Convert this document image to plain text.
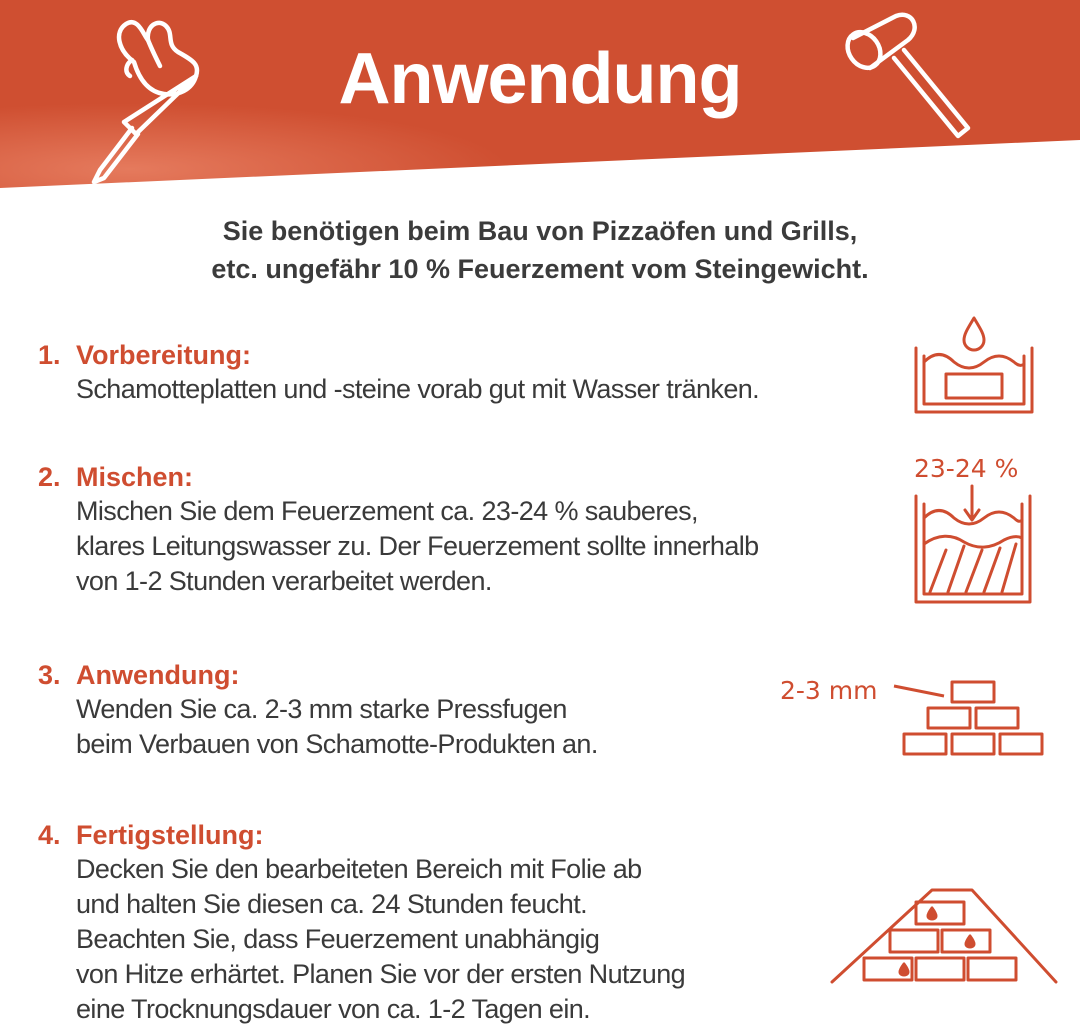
Anwendung
Sie benötigen beim Bau von Pizzaöfen und Grills,
etc. ungefähr 10 % Feuerzement vom Steingewicht.
1. Vorbereitung:
Schamotteplatten und -steine vorab gut mit Wasser tränken.
2. Mischen:
Mischen Sie dem Feuerzement ca. 23-24 % sauberes,
klares Leitungswasser zu. Der Feuerzement sollte innerhalb
von 1-2 Stunden verarbeitet werden.
3. Anwendung:
Wenden Sie ca. 2-3 mm starke Pressfugen
beim Verbauen von Schamotte-Produkten an.
4. Fertigstellung:
Decken Sie den bearbeiteten Bereich mit Folie ab
und halten Sie diesen ca. 24 Stunden feucht.
Beachten Sie, dass Feuerzement unabhängig
von Hitze erhärtet. Planen Sie vor der ersten Nutzung
eine Trocknungsdauer von ca. 1-2 Tagen ein.
23-24 %
2-3 mm
